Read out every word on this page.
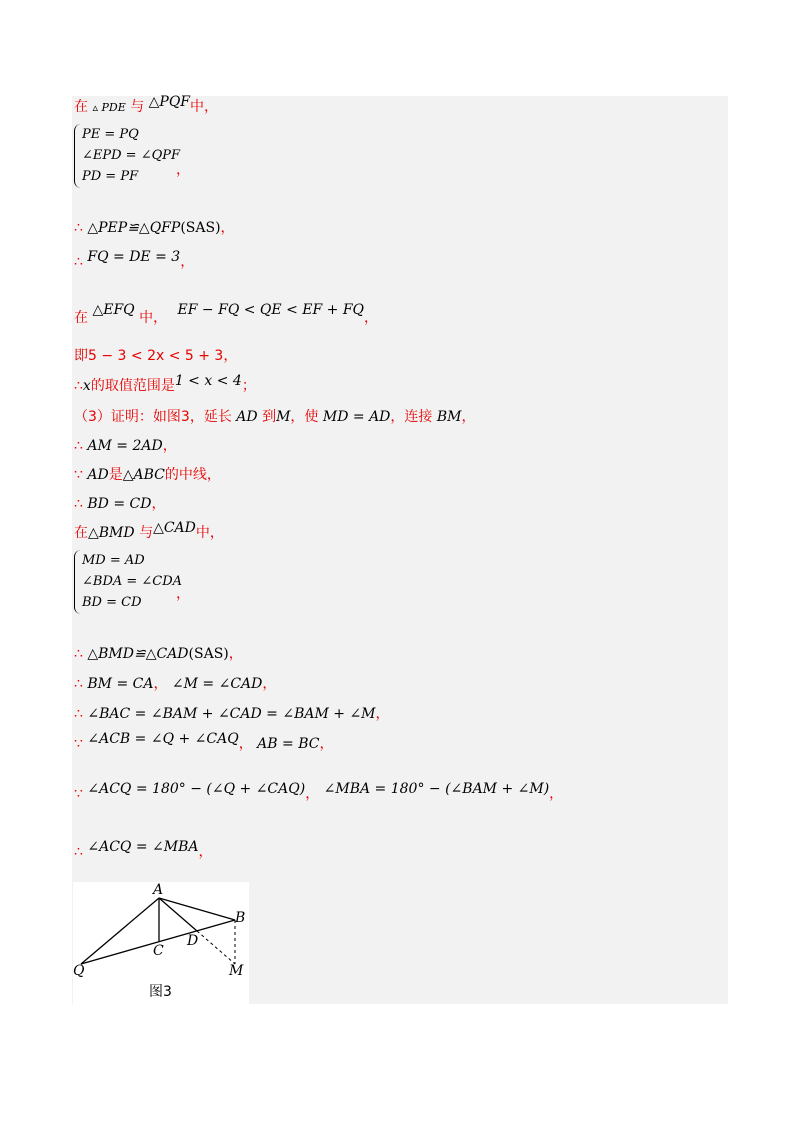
在 ▵ PDE 与 △PQF中，
PE = PQ
∠EPD = ∠QPF
PD = PF	，
∴ △PEP≌△QFP(SAS)，
∴ FQ = DE = 3，
在 △EFQ 中， EF − FQ < QE < EF + FQ，
即5 − 3 < 2x < 5 + 3，
∴x的取值范围是1 < x < 4；
（3）证明：如图3，延长 AD 到M，使 MD = AD，连接 BM，
∴ AM = 2AD，
∵ AD是△ABC的中线，
∴ BD = CD，
在△BMD 与△CAD中，
MD = AD
∠BDA = ∠CDA
BD = CD
，
∴ △BMD≌△CAD(SAS)，
∴ BM = CA， ∠M = ∠CAD，
∴ ∠BAC = ∠BAM + ∠CAD = ∠BAM + ∠M，
∵ ∠ACB = ∠Q + ∠CAQ， AB = BC，
∵ ∠ACQ = 180° − (∠Q + ∠CAQ)， ∠MBA = 180° − (∠BAM + ∠M)，
∴ ∠ACQ = ∠MBA，
A
B
C
D
Q	M
图3
